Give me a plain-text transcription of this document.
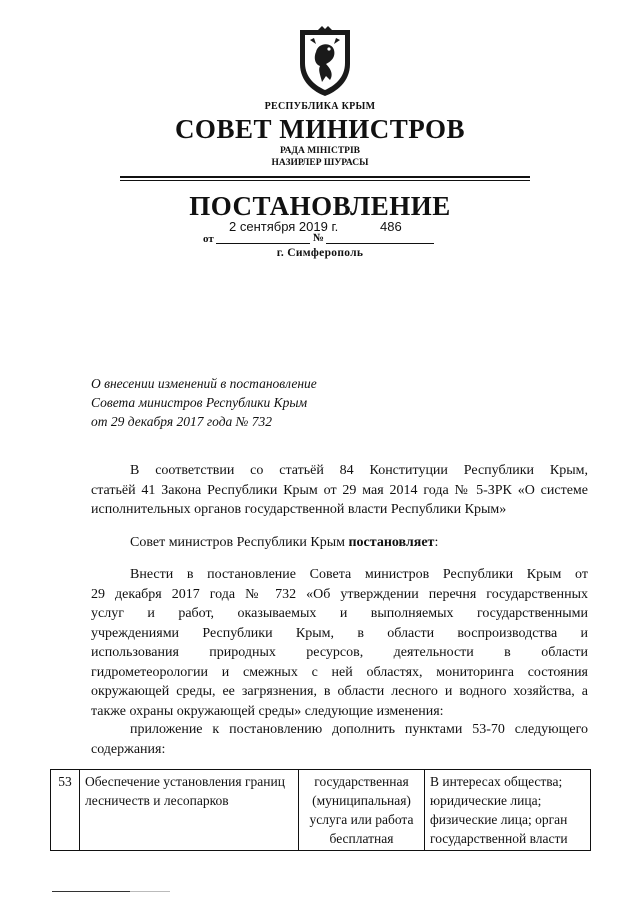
РЕСПУБЛИКА КРЫМ
СОВЕТ МИНИСТРОВ
РАДА МІНІСТРІВ
НАЗИРЛЕР ШУРАСЫ
ПОСТАНОВЛЕНИЕ
2 сентября 2019 г.	486
от	№
г. Симферополь
О внесении изменений в постановление
Совета министров Республики Крым
от 29 декабря 2017 года № 732
В соответствии со статьёй 84 Конституции Республики Крым,
статьёй 41 Закона Республики Крым от 29 мая 2014 года № 5-ЗРК «О системе
исполнительных органов государственной власти Республики Крым»
Совет министров Республики Крым постановляет:
Внести в постановление Совета министров Республики Крым от
29 декабря 2017 года № 732 «Об утверждении перечня государственных
услуг и работ, оказываемых и выполняемых государственными
учреждениями Республики Крым, в области воспроизводства и
использования природных ресурсов, деятельности в области
гидрометеорологии и смежных с ней областях, мониторинга состояния
окружающей среды, ее загрязнения, в области лесного и водного хозяйства, а
также охраны окружающей среды» следующие изменения:
приложение к постановлению дополнить пунктами 53-70 следующего
содержания:
53	Обеспечение установления границ лесничеств и лесопарков	государственная (муниципальная) услуга или работа бесплатная	В интересах общества; юридические лица; физические лица; орган государственной власти
